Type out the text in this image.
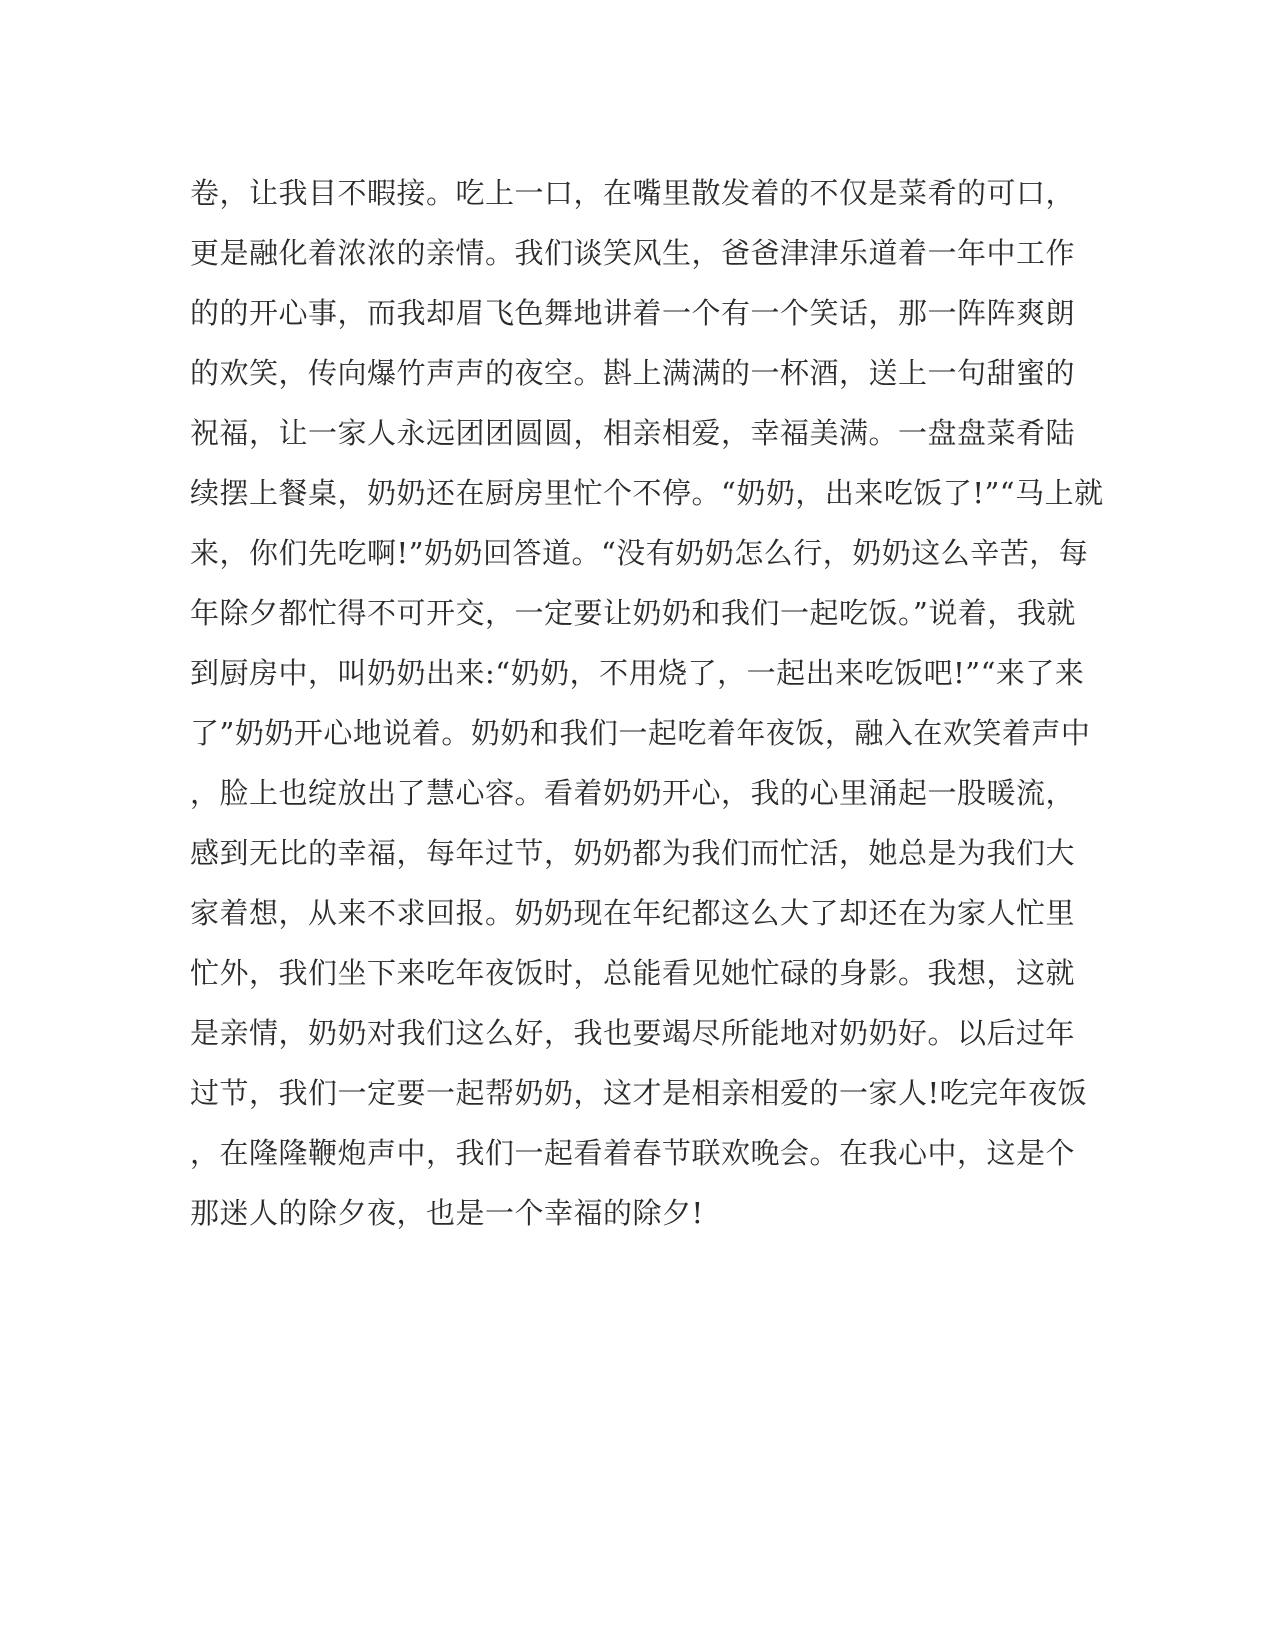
卷，让我目不暇接。吃上一口，在嘴里散发着的不仅是菜肴的可口，
更是融化着浓浓的亲情。我们谈笑风生，爸爸津津乐道着一年中工作
的的开心事，而我却眉飞色舞地讲着一个有一个笑话，那一阵阵爽朗
的欢笑，传向爆竹声声的夜空。斟上满满的一杯酒，送上一句甜蜜的
祝福，让一家人永远团团圆圆，相亲相爱，幸福美满。一盘盘菜肴陆
续摆上餐桌，奶奶还在厨房里忙个不停。“奶奶，出来吃饭了!”“马上就
来，你们先吃啊!”奶奶回答道。“没有奶奶怎么行，奶奶这么辛苦，每
年除夕都忙得不可开交，一定要让奶奶和我们一起吃饭。”说着，我就
到厨房中，叫奶奶出来:“奶奶，不用烧了，一起出来吃饭吧!”“来了来
了”奶奶开心地说着。奶奶和我们一起吃着年夜饭，融入在欢笑着声中
，脸上也绽放出了慧心容。看着奶奶开心，我的心里涌起一股暖流，
感到无比的幸福，每年过节，奶奶都为我们而忙活，她总是为我们大
家着想，从来不求回报。奶奶现在年纪都这么大了却还在为家人忙里
忙外，我们坐下来吃年夜饭时，总能看见她忙碌的身影。我想，这就
是亲情，奶奶对我们这么好，我也要竭尽所能地对奶奶好。以后过年
过节，我们一定要一起帮奶奶，这才是相亲相爱的一家人!吃完年夜饭
，在隆隆鞭炮声中，我们一起看着春节联欢晚会。在我心中，这是个
那迷人的除夕夜，也是一个幸福的除夕!
